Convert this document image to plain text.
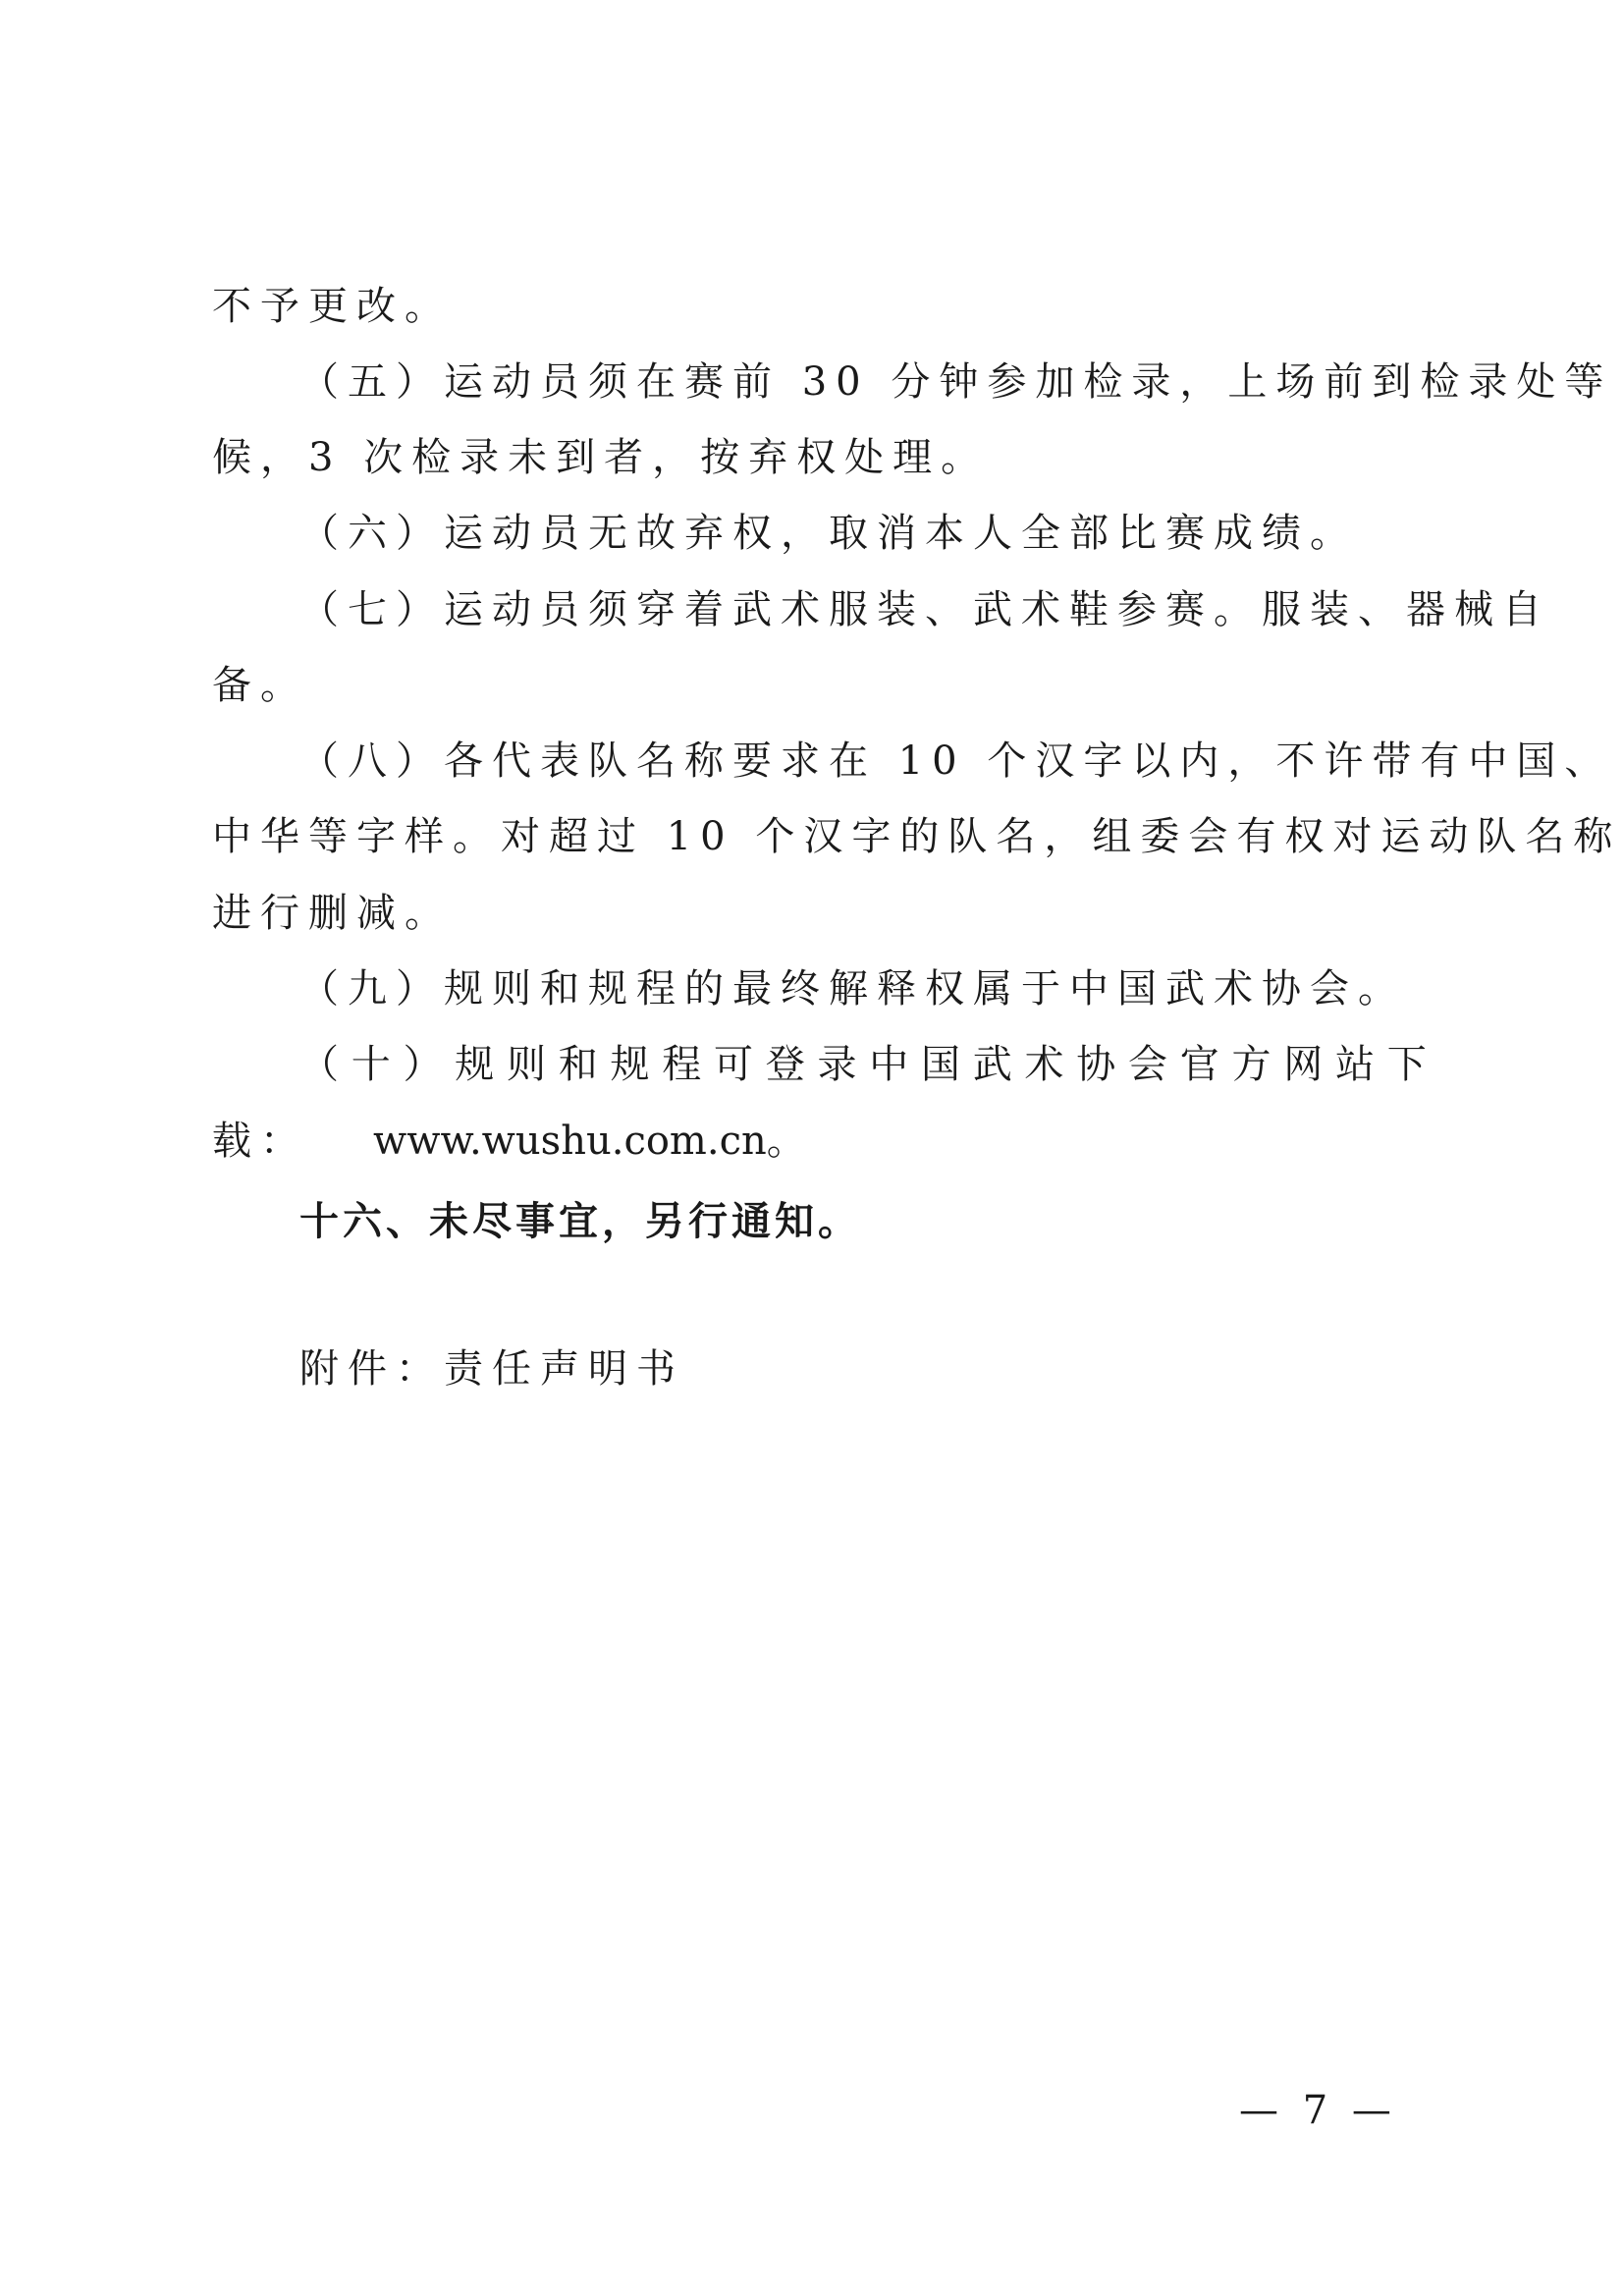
不予更改。
（五）运动员须在赛前 30 分钟参加检录，上场前到检录处等
候，3 次检录未到者，按弃权处理。
（六）运动员无故弃权，取消本人全部比赛成绩。
（七）运动员须穿着武术服装、武术鞋参赛。服装、器械自
备。
（八）各代表队名称要求在 10 个汉字以内，不许带有中国、
中华等字样。对超过 10 个汉字的队名，组委会有权对运动队名称
进行删减。
（九）规则和规程的最终解释权属于中国武术协会。
（ 十 ） 规 则 和 规 程 可 登 录 中 国 武 术 协 会 官 方 网 站 下
载： www.wushu.com.cn。
十六、未尽事宜，另行通知。
附件：责任声明书
— 7 —
